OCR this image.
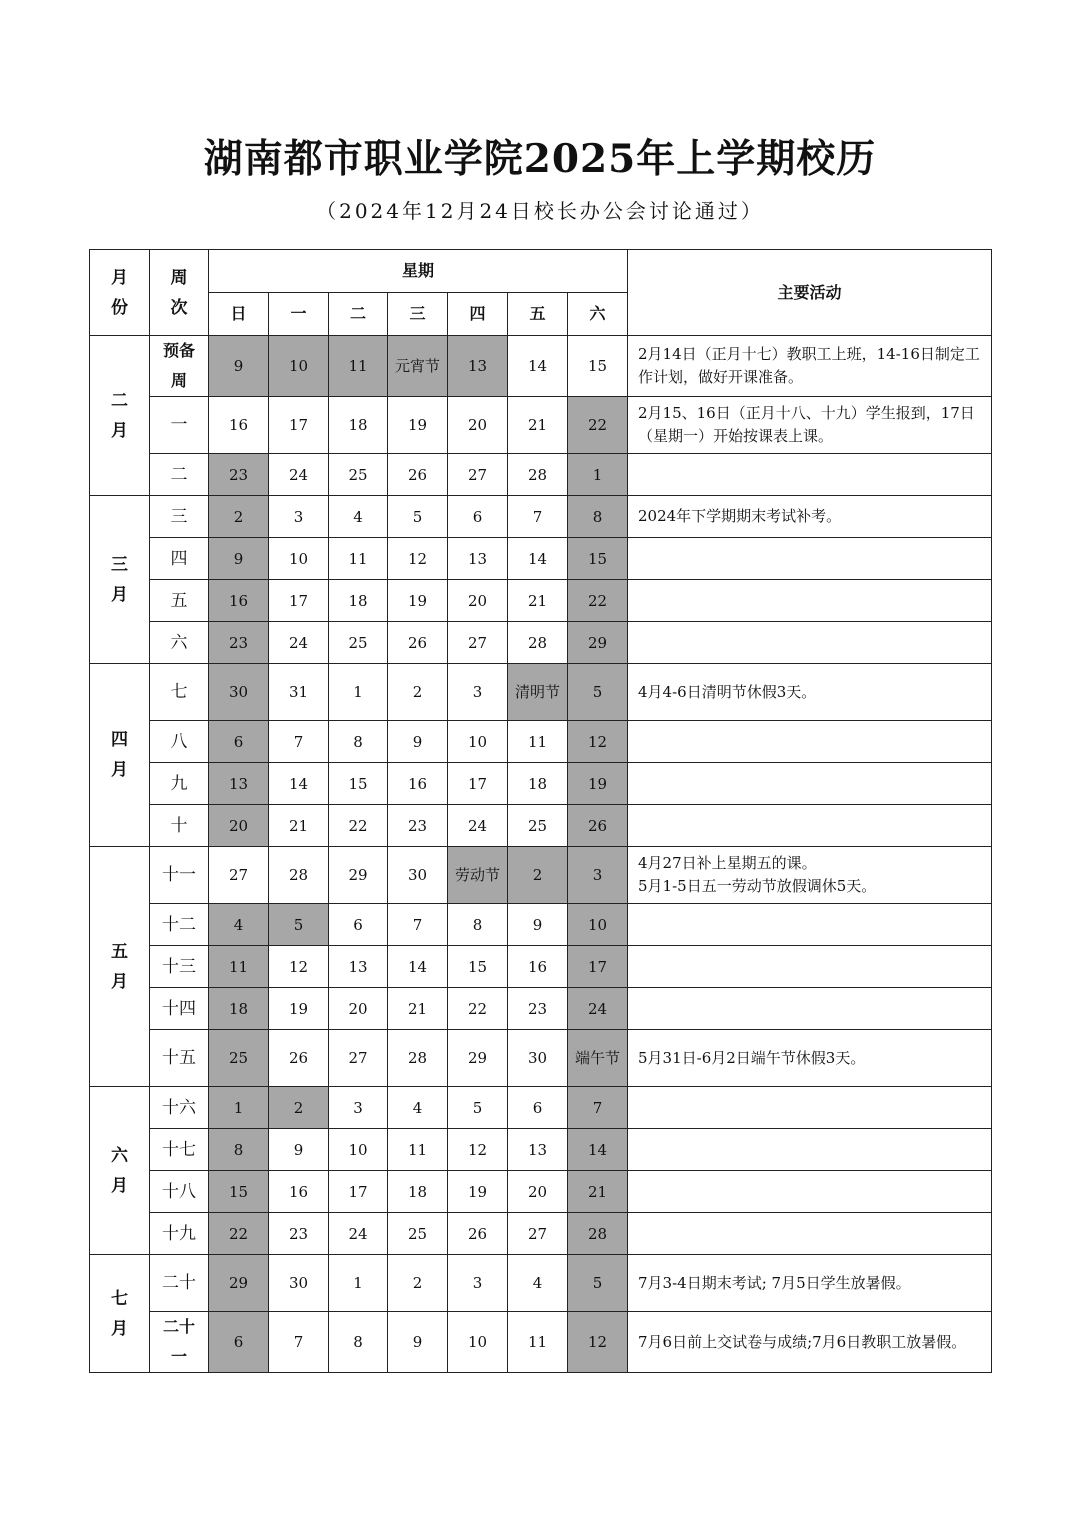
湖南都市职业学院2025年上学期校历
（2024年12月24日校长办公会讨论通过）
月份	周次	星期							主要活动
		日	一	二	三	四	五	六	
二月	预备周	9	10	11	元宵节	13	14	15	2月14日（正月十七）教职工上班，14-16日制定工作计划，做好开课准备。
	一	16	17	18	19	20	21	22	2月15、16日（正月十八、十九）学生报到，17日（星期一）开始按课表上课。
	二	23	24	25	26	27	28	1	
三月	三	2	3	4	5	6	7	8	2024年下学期期末考试补考。
	四	9	10	11	12	13	14	15	
	五	16	17	18	19	20	21	22	
	六	23	24	25	26	27	28	29	
四月	七	30	31	1	2	3	清明节	5	4月4-6日清明节休假3天。
	八	6	7	8	9	10	11	12	
	九	13	14	15	16	17	18	19	
	十	20	21	22	23	24	25	26	
五月	十一	27	28	29	30	劳动节	2	3	4月27日补上星期五的课。
5月1-5日五一劳动节放假调休5天。
	十二	4	5	6	7	8	9	10	
	十三	11	12	13	14	15	16	17	
	十四	18	19	20	21	22	23	24	
	十五	25	26	27	28	29	30	端午节	5月31日-6月2日端午节休假3天。
六月	十六	1	2	3	4	5	6	7	
	十七	8	9	10	11	12	13	14	
	十八	15	16	17	18	19	20	21	
	十九	22	23	24	25	26	27	28	
七月	二十	29	30	1	2	3	4	5	7月3-4日期末考试; 7月5日学生放暑假。
	二十一	6	7	8	9	10	11	12	7月6日前上交试卷与成绩;7月6日教职工放暑假。
